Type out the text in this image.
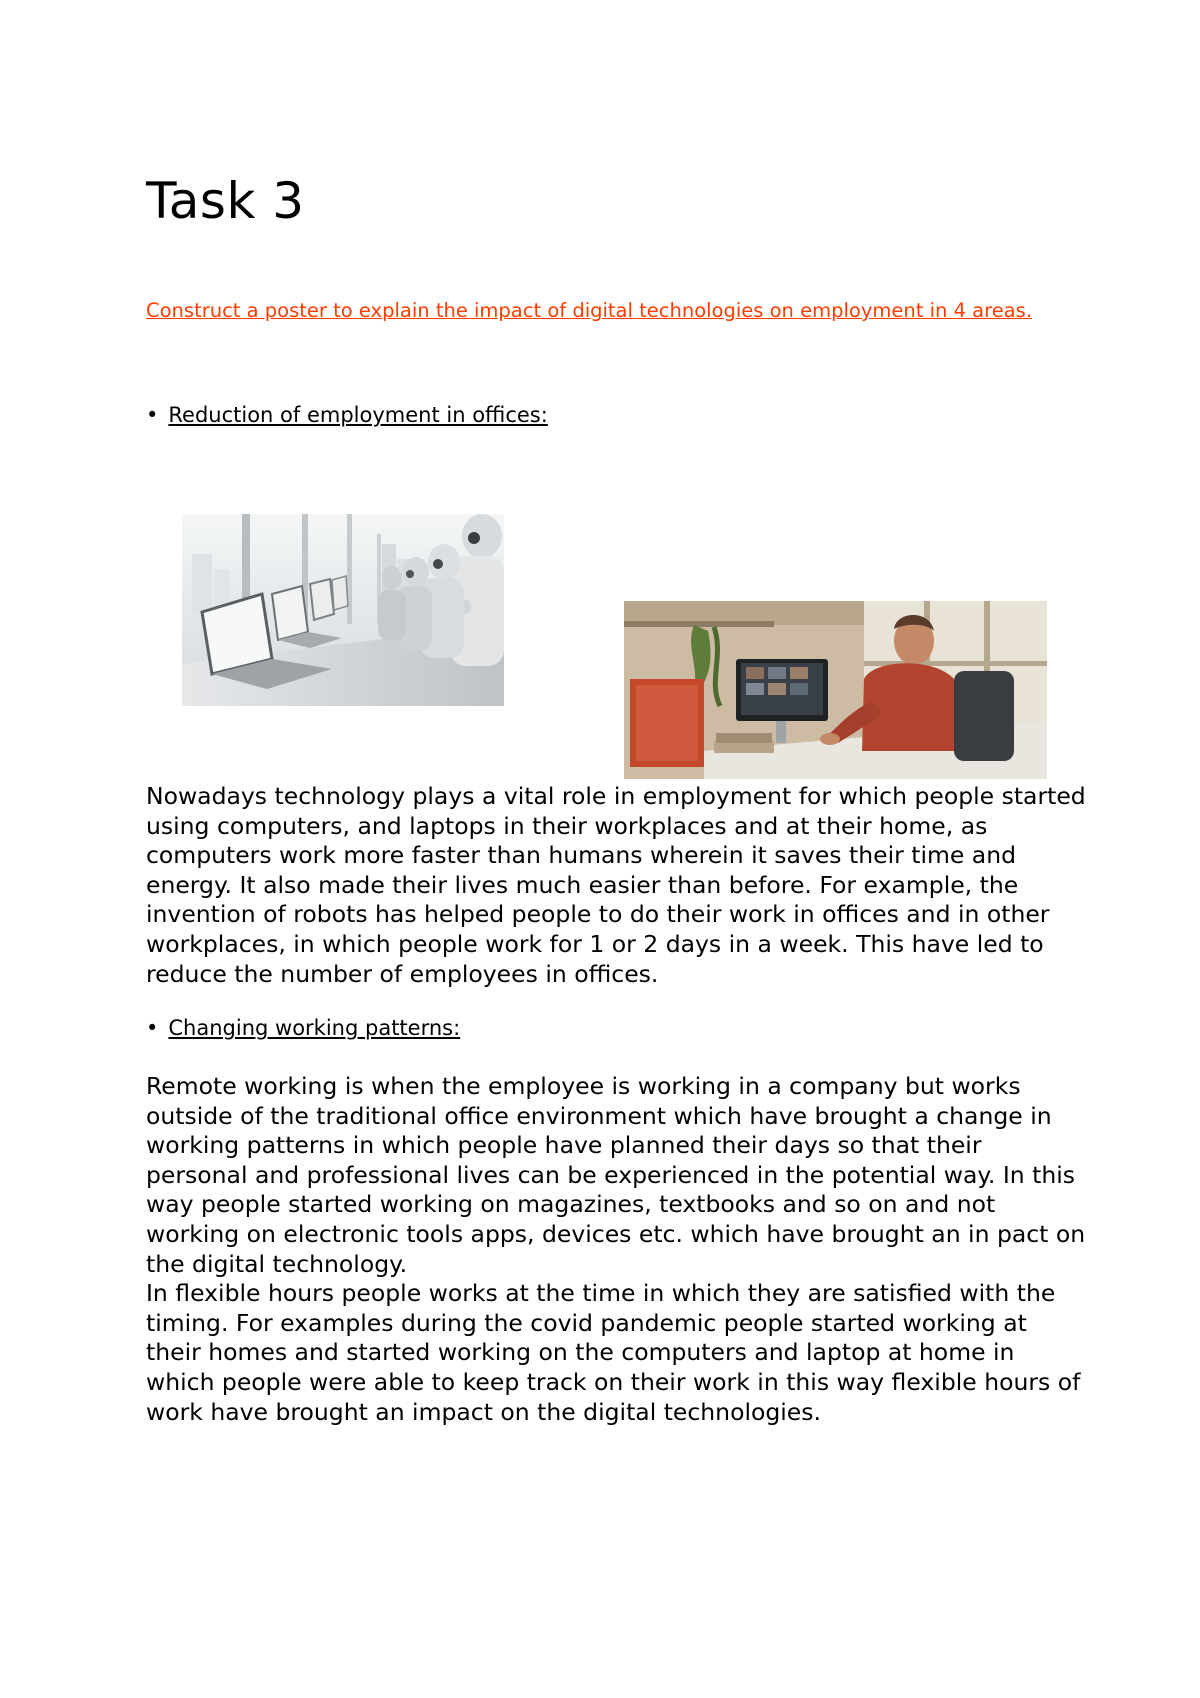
Task 3

Construct a poster to explain the impact of digital technologies on employment in 4 areas.

• Reduction of employment in offices:

Nowadays technology plays a vital role in employment for which people started using computers, and laptops in their workplaces and at their home, as computers work more faster than humans wherein it saves their time and energy. It also made their lives much easier than before. For example, the invention of robots has helped people to do their work in offices and in other workplaces, in which people work for 1 or 2 days in a week. This have led to reduce the number of employees in offices.

• Changing working patterns:

Remote working is when the employee is working in a company but works outside of the traditional office environment which have brought a change in working patterns in which people have planned their days so that their personal and professional lives can be experienced in the potential way. In this way people started working on magazines, textbooks and so on and not working on electronic tools apps, devices etc. which have brought an in pact on the digital technology.
In flexible hours people works at the time in which they are satisfied with the timing. For examples during the covid pandemic people started working at their homes and started working on the computers and laptop at home in which people were able to keep track on their work in this way flexible hours of work have brought an impact on the digital technologies.
